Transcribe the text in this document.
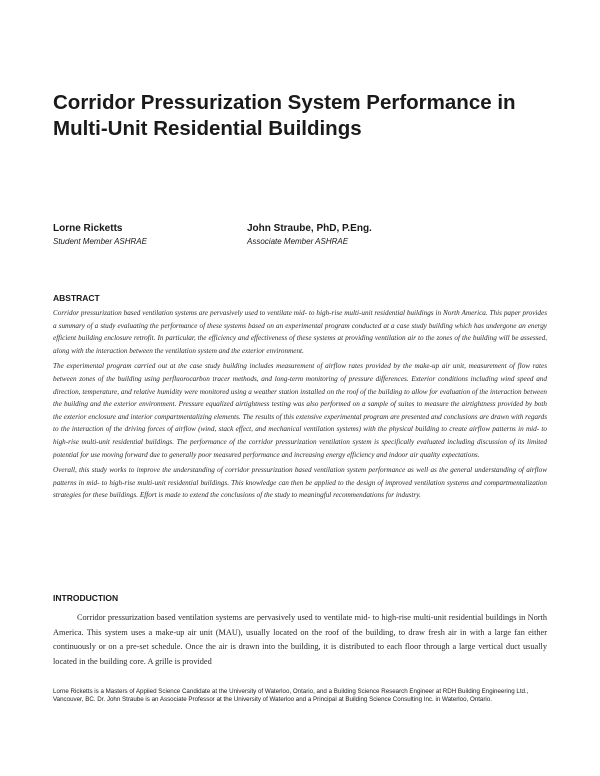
Corridor Pressurization System Performance in Multi-Unit Residential Buildings
Lorne Ricketts
Student Member ASHRAE
John Straube, PhD, P.Eng.
Associate Member ASHRAE
ABSTRACT

Corridor pressurization based ventilation systems are pervasively used to ventilate mid- to high-rise multi-unit residential buildings in North America. This paper provides a summary of a study evaluating the performance of these systems based on an experimental program conducted at a case study building which has undergone an energy efficient building enclosure retrofit. In particular, the efficiency and effectiveness of these systems at providing ventilation air to the zones of the building will be assessed, along with the interaction between the ventilation system and the exterior environment.

The experimental program carried out at the case study building includes measurement of airflow rates provided by the make-up air unit, measurement of flow rates between zones of the building using perfluorocarbon tracer methods, and long-term monitoring of pressure differences. Exterior conditions including wind speed and direction, temperature, and relative humidity were monitored using a weather station installed on the roof of the building to allow for evaluation of the interaction between the building and the exterior environment. Pressure equalized airtightness testing was also performed on a sample of suites to measure the airtightness provided by both the exterior enclosure and interior compartmentalizing elements. The results of this extensive experimental program are presented and conclusions are drawn with regards to the interaction of the driving forces of airflow (wind, stack effect, and mechanical ventilation systems) with the physical building to create airflow patterns in mid- to high-rise multi-unit residential buildings. The performance of the corridor pressurization ventilation system is specifically evaluated including discussion of its limited potential for use moving forward due to generally poor measured performance and increasing energy efficiency and indoor air quality expectations.

Overall, this study works to improve the understanding of corridor pressurization based ventilation system performance as well as the general understanding of airflow patterns in mid- to high-rise multi-unit residential buildings. This knowledge can then be applied to the design of improved ventilation systems and compartmentalization strategies for these buildings. Effort is made to extend the conclusions of the study to meaningful recommendations for industry.

INTRODUCTION

Corridor pressurization based ventilation systems are pervasively used to ventilate mid- to high-rise multi-unit residential buildings in North America. This system uses a make-up air unit (MAU), usually located on the roof of the building, to draw fresh air in with a large fan either continuously or on a pre-set schedule. Once the air is drawn into the building, it is distributed to each floor through a large vertical duct usually located in the building core. A grille is provided

Lorne Ricketts is a Masters of Applied Science Candidate at the University of Waterloo, Ontario, and a Building Science Research Engineer at RDH Building Engineering Ltd., Vancouver, BC. Dr. John Straube is an Associate Professor at the University of Waterloo and a Principal at Building Science Consulting Inc. in Waterloo, Ontario.
